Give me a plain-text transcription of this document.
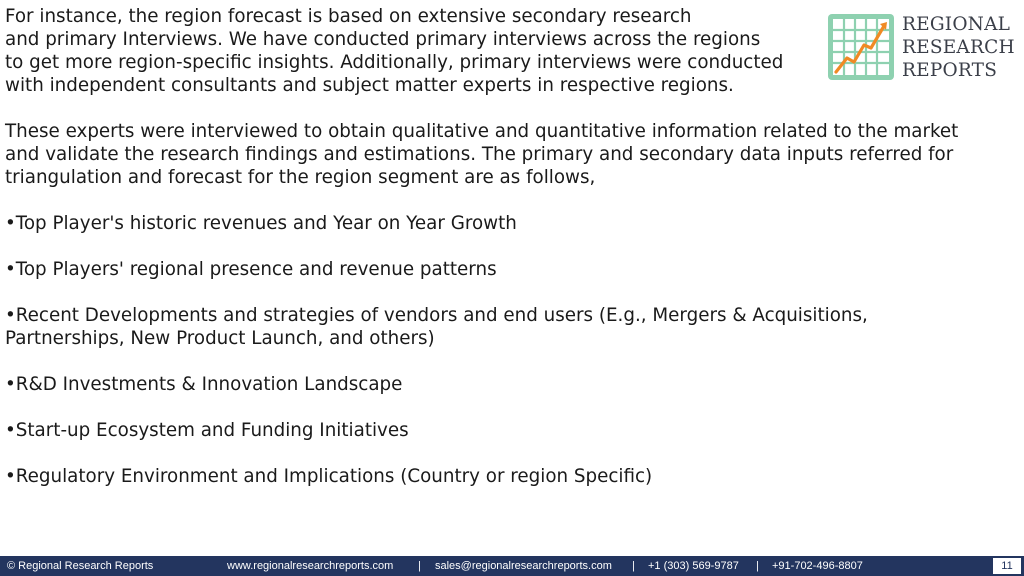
For instance, the region forecast is based on extensive secondary research

and primary Interviews. We have conducted primary interviews across the regions

to get more region-specific insights. Additionally, primary interviews were conducted

with independent consultants and subject matter experts in respective regions.

These experts were interviewed to obtain qualitative and quantitative information related to the market

and validate the research findings and estimations. The primary and secondary data inputs referred for

triangulation and forecast for the region segment are as follows,

•Top Player's historic revenues and Year on Year Growth

•Top Players' regional presence and revenue patterns

•Recent Developments and strategies of vendors and end users (E.g., Mergers & Acquisitions,

Partnerships, New Product Launch, and others)

•R&D Investments & Innovation Landscape

•Start-up Ecosystem and Funding Initiatives

•Regulatory Environment and Implications (Country or region Specific)

REGIONAL
RESEARCH
REPORTS
© Regional Research Reports	www.regionalresearchreports.com | sales@regionalresearchreports.com | +1 (303) 569-9787 | +91-702-496-8807	11
